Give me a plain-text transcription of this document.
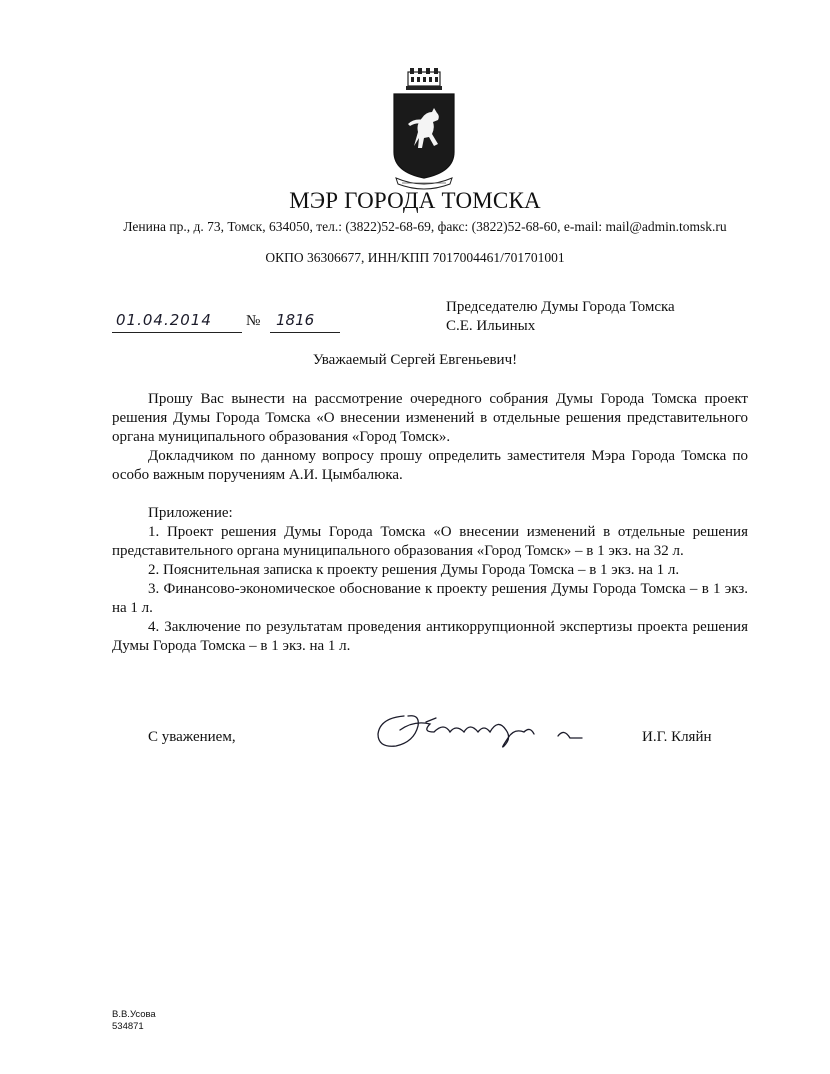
МЭР ГОРОДА ТОМСКА
Ленина пр., д. 73, Томск, 634050, тел.: (3822)52-68-69, факс: (3822)52-68-60, e-mail: mail@admin.tomsk.ru
ОКПО 36306677, ИНН/КПП 7017004461/701701001
01.04.2014	№	1816
Председателю Думы Города Томска
С.Е. Ильиных
Уважаемый Сергей Евгеньевич!

Прошу Вас вынести на рассмотрение очередного собрания Думы Города Томска проект решения Думы Города Томска «О внесении изменений в отдельные решения представительного органа муниципального образования «Город Томск».

Докладчиком по данному вопросу прошу определить заместителя Мэра Города Томска по особо важным поручениям А.И. Цымбалюка.

Приложение:

1. Проект решения Думы Города Томска «О внесении изменений в отдельные решения представительного органа муниципального образования «Город Томск» – в 1 экз. на 32 л.

2. Пояснительная записка к проекту решения Думы Города Томска – в 1 экз. на 1 л.

3. Финансово-экономическое обоснование к проекту решения Думы Города Томска – в 1 экз. на 1 л.

4. Заключение по результатам проведения антикоррупционной экспертизы проекта решения Думы Города Томска – в 1 экз. на 1 л.

С уважением,	И.Г. Кляйн
В.В.Усова
534871
